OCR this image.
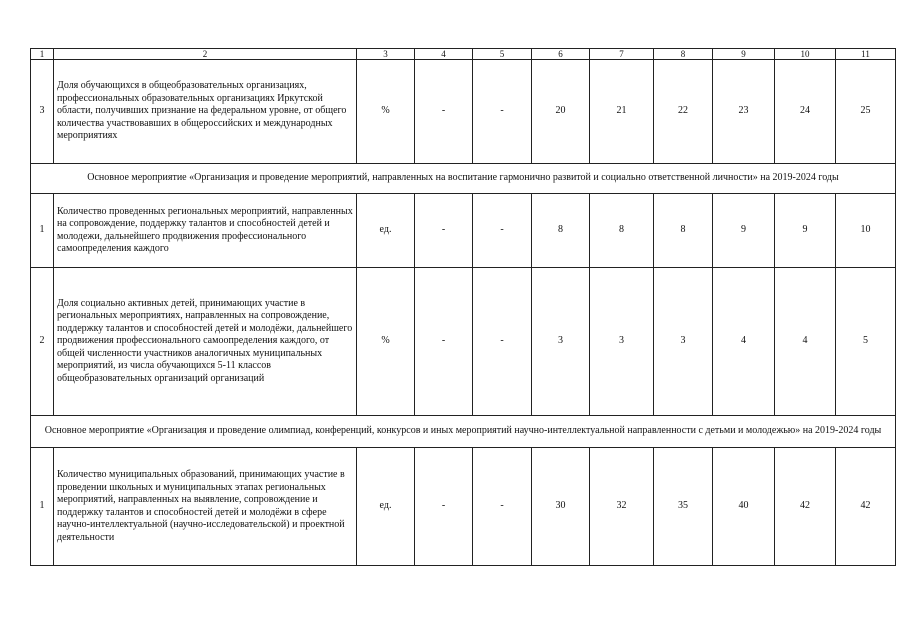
1	2	3	4	5	6	7	8	9	10	11
3	Доля обучающихся в общеобразовательных организациях, профессиональных образовательных организациях Иркутской области, получивших признание на федеральном уровне, от общего количества участвовавших в общероссийских и международных мероприятиях	%	-	-	20	21	22	23	24	25
Основное мероприятие «Организация и проведение мероприятий, направленных на воспитание гармонично развитой и социально ответственной личности» на 2019-2024 годы										
1	Количество проведенных региональных мероприятий, направленных на сопровождение, поддержку талантов и способностей детей и молодежи, дальнейшего продвижения профессионального самоопределения каждого	ед.	-	-	8	8	8	9	9	10
2	Доля социально активных детей, принимающих участие в региональных мероприятиях, направленных на сопровождение, поддержку талантов и способностей детей и молодёжи, дальнейшего продвижения профессионального самоопределения каждого, от общей численности участников аналогичных муниципальных мероприятий, из числа обучающихся 5-11 классов общеобразовательных организаций организаций	%	-	-	3	3	3	4	4	5
Основное мероприятие «Организация и проведение олимпиад, конференций, конкурсов и иных мероприятий научно-интеллектуальной направленности с детьми и молодежью» на 2019-2024 годы										
1	Количество муниципальных образований, принимающих участие в проведении школьных и муниципальных этапах региональных мероприятий, направленных на выявление, сопровождение и поддержку талантов и способностей детей и молодёжи в сфере научно-интеллектуальной (научно-исследовательской) и проектной деятельности	ед.	-	-	30	32	35	40	42	42
